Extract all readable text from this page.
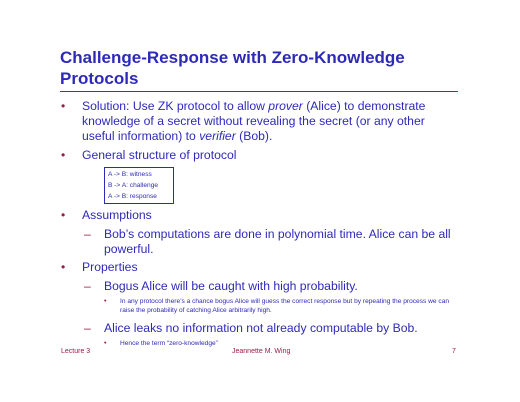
Challenge-Response with Zero-Knowledge
Protocols
• Solution: Use ZK protocol to allow prover (Alice) to demonstrate knowledge of a secret without revealing the secret (or any other useful information) to verifier (Bob).
• General structure of protocol
A -> B: witness
B -> A: challenge
A -> B: response
• Assumptions
– Bob’s computations are done in polynomial time. Alice can be all powerful.
• Properties
– Bogus Alice will be caught with high probability.
• In any protocol there’s a chance bogus Alice will guess the correct response but by repeating the process we can raise the probability of catching Alice arbitrarily high.
– Alice leaks no information not already computable by Bob.
• Hence the term “zero-knowledge”
Lecture 3	Jeannette M. Wing	7
